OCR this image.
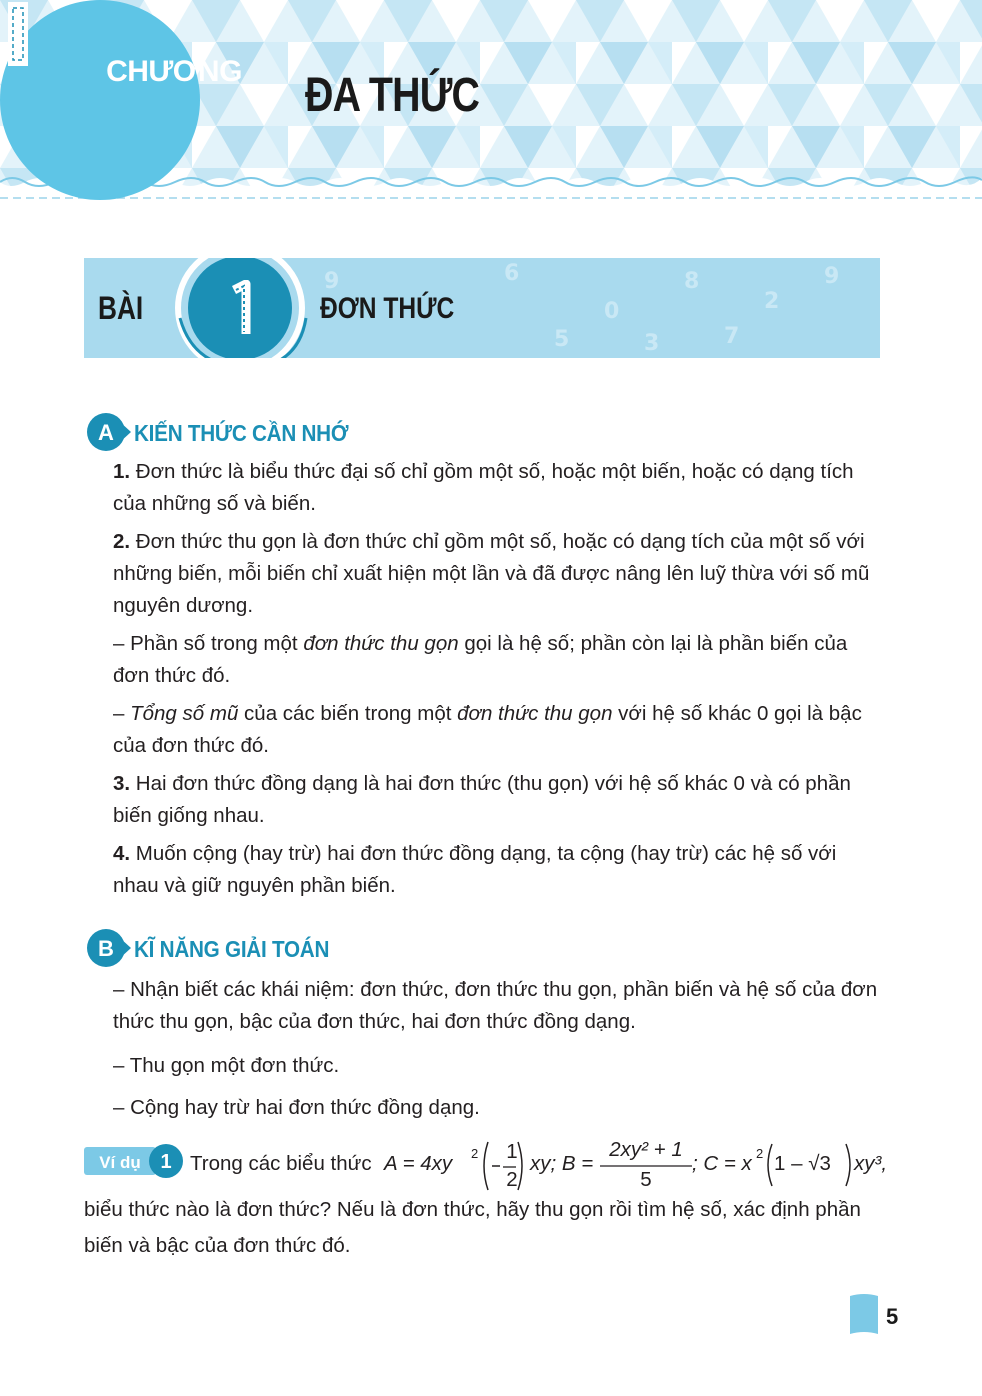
CHƯƠNG	ĐA THỨC
9	6
0
8
2
9
5	3	7
BÀI	ĐƠN THỨC
A KIẾN THỨC CẦN NHỚ

1. Đơn thức là biểu thức đại số chỉ gồm một số, hoặc một biến, hoặc có dạng tích của những số và biến.

2. Đơn thức thu gọn là đơn thức chỉ gồm một số, hoặc có dạng tích của một số với những biến, mỗi biến chỉ xuất hiện một lần và đã được nâng lên luỹ thừa với số mũ nguyên dương.

– Phần số trong một đơn thức thu gọn gọi là hệ số; phần còn lại là phần biến của đơn thức đó.

– Tổng số mũ của các biến trong một đơn thức thu gọn với hệ số khác 0 gọi là bậc của đơn thức đó.

3. Hai đơn thức đồng dạng là hai đơn thức (thu gọn) với hệ số khác 0 và có phần biến giống nhau.

4. Muốn cộng (hay trừ) hai đơn thức đồng dạng, ta cộng (hay trừ) các hệ số với nhau và giữ nguyên phần biến.

B KĨ NĂNG GIẢI TOÁN

– Nhận biết các khái niệm: đơn thức, đơn thức thu gọn, phần biến và hệ số của đơn thức thu gọn, bậc của đơn thức, hai đơn thức đồng dạng.

– Thu gọn một đơn thức.

– Cộng hay trừ hai đơn thức đồng dạng.

Ví dụ 1 Trong các biểu thức A = 4xy 2	1
2
xy; B =
2xy² + 1
5
; C = x 2 1 – √3 xy³,

biểu thức nào là đơn thức? Nếu là đơn thức, hãy thu gọn rồi tìm hệ số, xác định phần biến và bậc của đơn thức đó.

5
